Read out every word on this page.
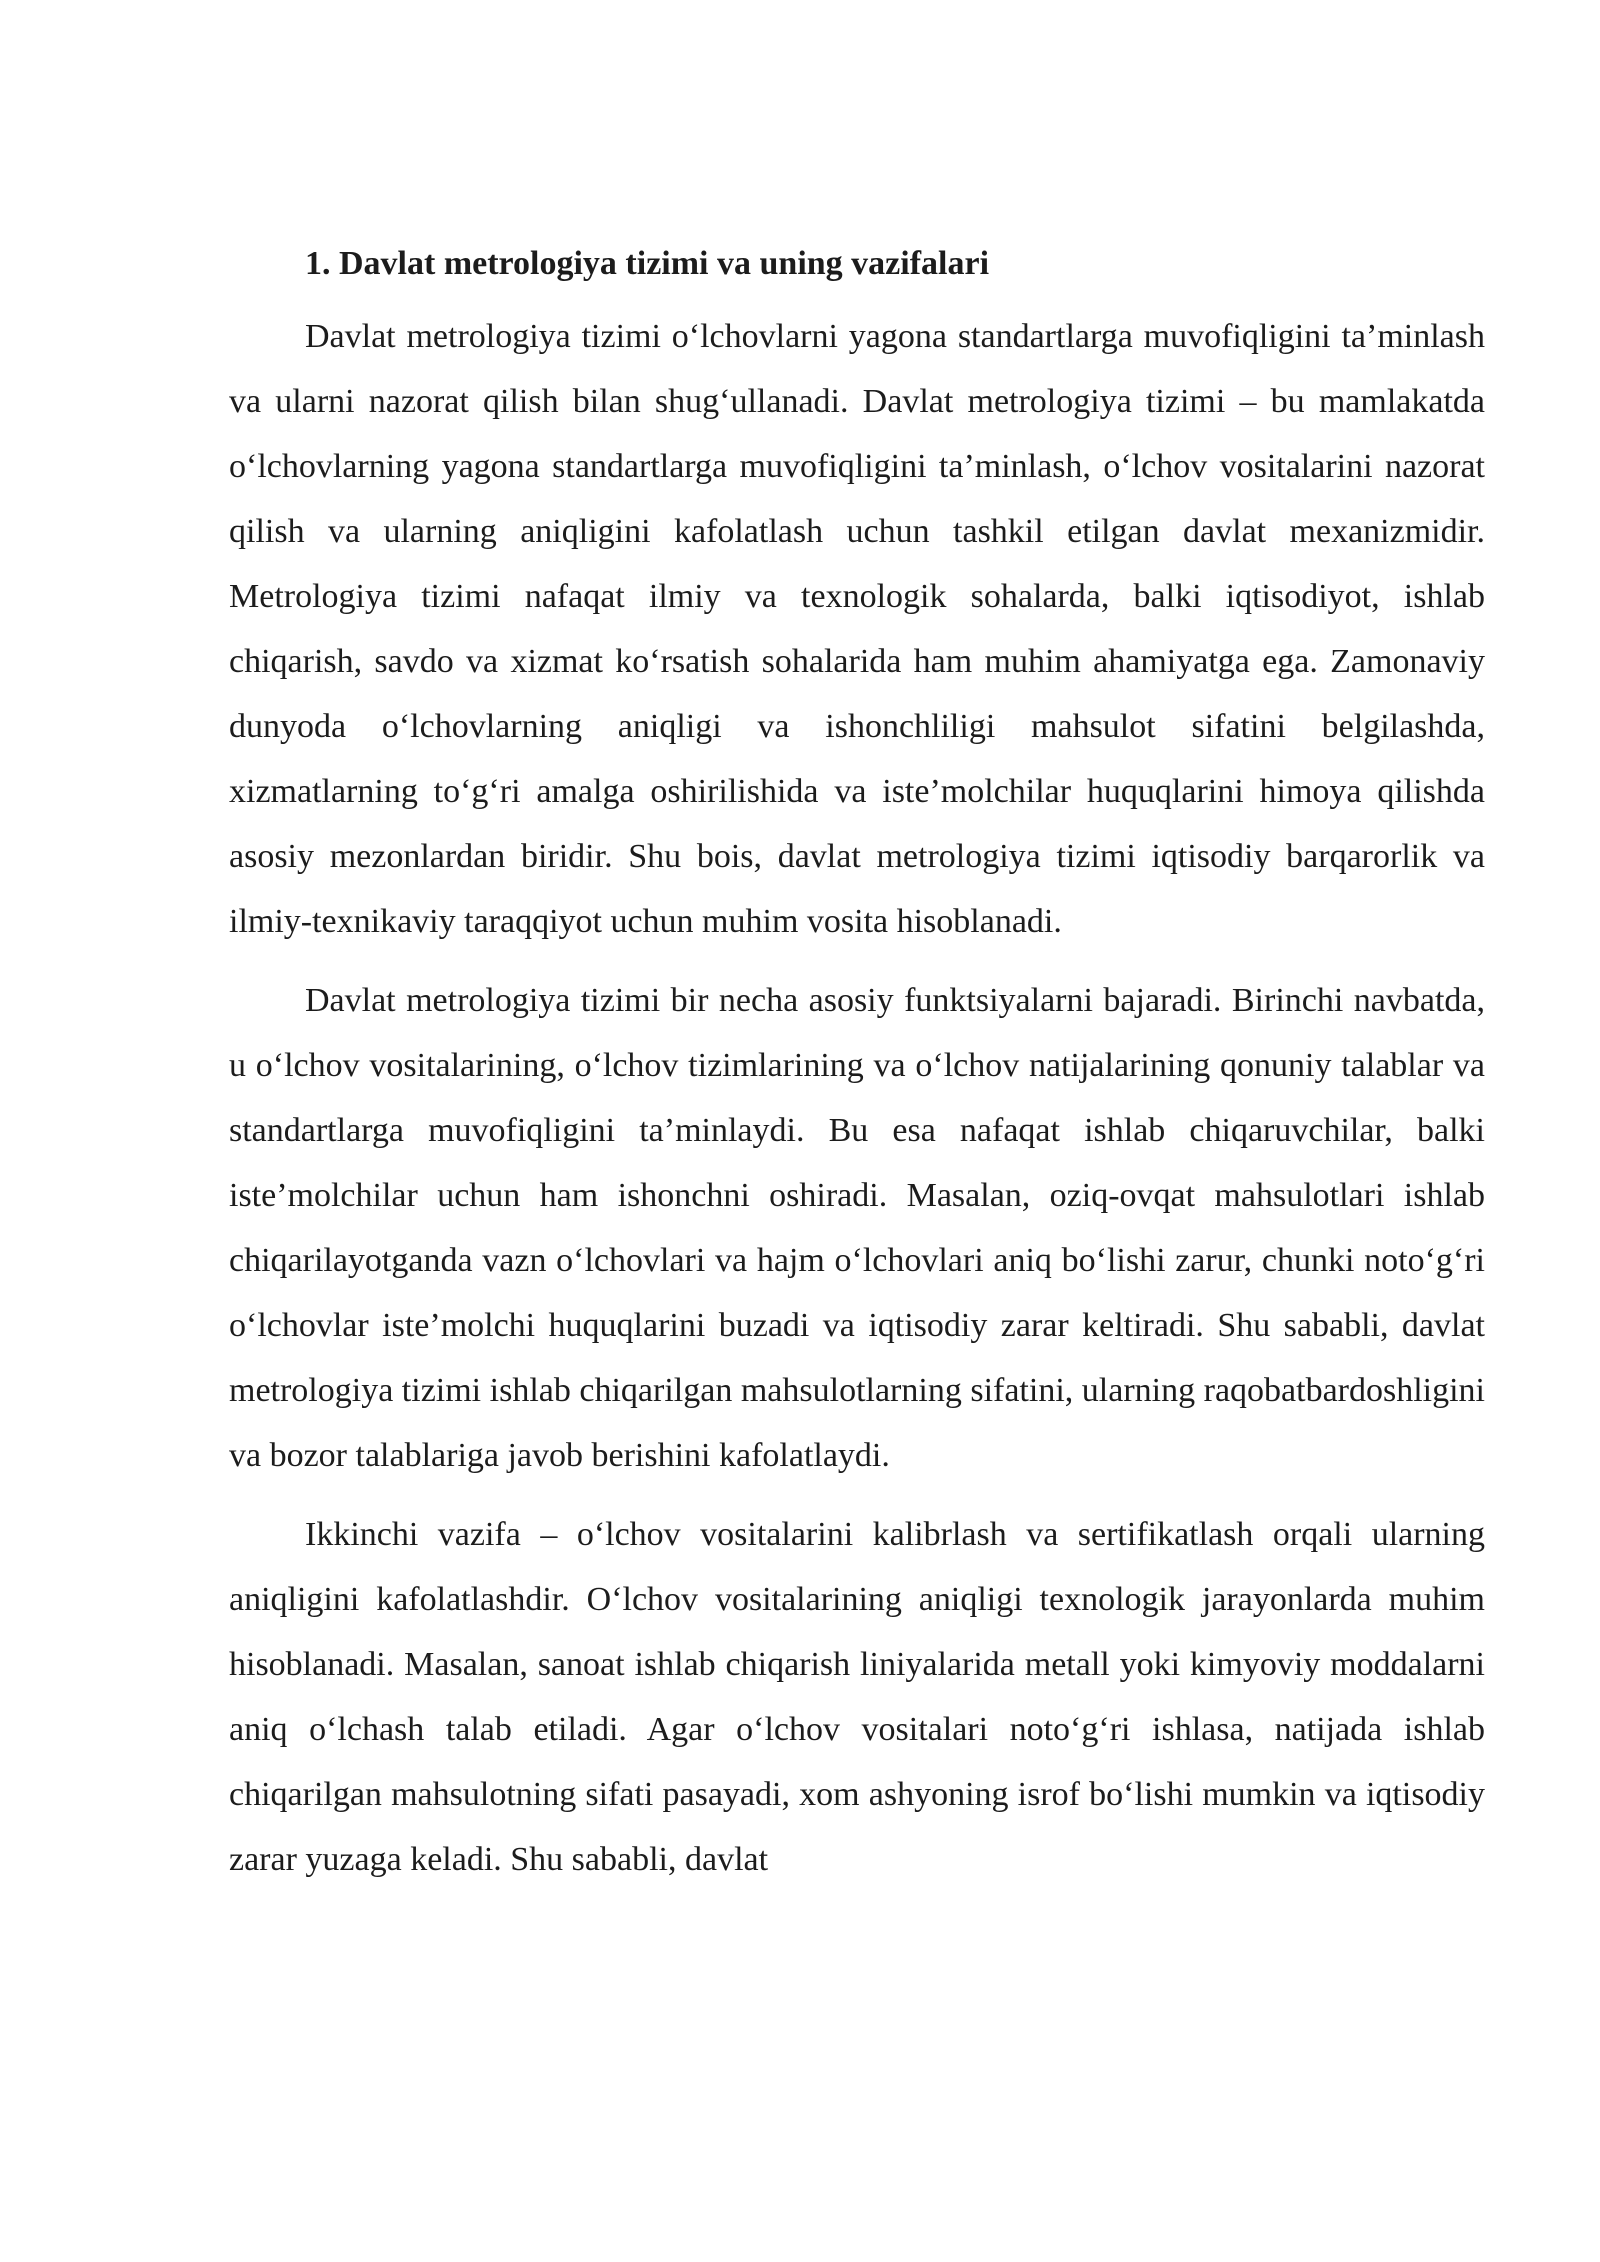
1. Davlat metrologiya tizimi va uning vazifalari

Davlat metrologiya tizimi o‘lchovlarni yagona standartlarga muvofiqligini ta’minlash va ularni nazorat qilish bilan shug‘ullanadi. Davlat metrologiya tizimi – bu mamlakatda o‘lchovlarning yagona standartlarga muvofiqligini ta’minlash, o‘lchov vositalarini nazorat qilish va ularning aniqligini kafolatlash uchun tashkil etilgan davlat mexanizmidir. Metrologiya tizimi nafaqat ilmiy va texnologik sohalarda, balki iqtisodiyot, ishlab chiqarish, savdo va xizmat ko‘rsatish sohalarida ham muhim ahamiyatga ega. Zamonaviy dunyoda o‘lchovlarning aniqligi va ishonchliligi mahsulot sifatini belgilashda, xizmatlarning to‘g‘ri amalga oshirilishida va iste’molchilar huquqlarini himoya qilishda asosiy mezonlardan biridir. Shu bois, davlat metrologiya tizimi iqtisodiy barqarorlik va ilmiy-texnikaviy taraqqiyot uchun muhim vosita hisoblanadi.

Davlat metrologiya tizimi bir necha asosiy funktsiyalarni bajaradi. Birinchi navbatda, u o‘lchov vositalarining, o‘lchov tizimlarining va o‘lchov natijalarining qonuniy talablar va standartlarga muvofiqligini ta’minlaydi. Bu esa nafaqat ishlab chiqaruvchilar, balki iste’molchilar uchun ham ishonchni oshiradi. Masalan, oziq-ovqat mahsulotlari ishlab chiqarilayotganda vazn o‘lchovlari va hajm o‘lchovlari aniq bo‘lishi zarur, chunki noto‘g‘ri o‘lchovlar iste’molchi huquqlarini buzadi va iqtisodiy zarar keltiradi. Shu sababli, davlat metrologiya tizimi ishlab chiqarilgan mahsulotlarning sifatini, ularning raqobatbardoshligini va bozor talablariga javob berishini kafolatlaydi.

Ikkinchi vazifa – o‘lchov vositalarini kalibrlash va sertifikatlash orqali ularning aniqligini kafolatlashdir. O‘lchov vositalarining aniqligi texnologik jarayonlarda muhim hisoblanadi. Masalan, sanoat ishlab chiqarish liniyalarida metall yoki kimyoviy moddalarni aniq o‘lchash talab etiladi. Agar o‘lchov vositalari noto‘g‘ri ishlasa, natijada ishlab chiqarilgan mahsulotning sifati pasayadi, xom ashyoning isrof bo‘lishi mumkin va iqtisodiy zarar yuzaga keladi. Shu sababli, davlat
